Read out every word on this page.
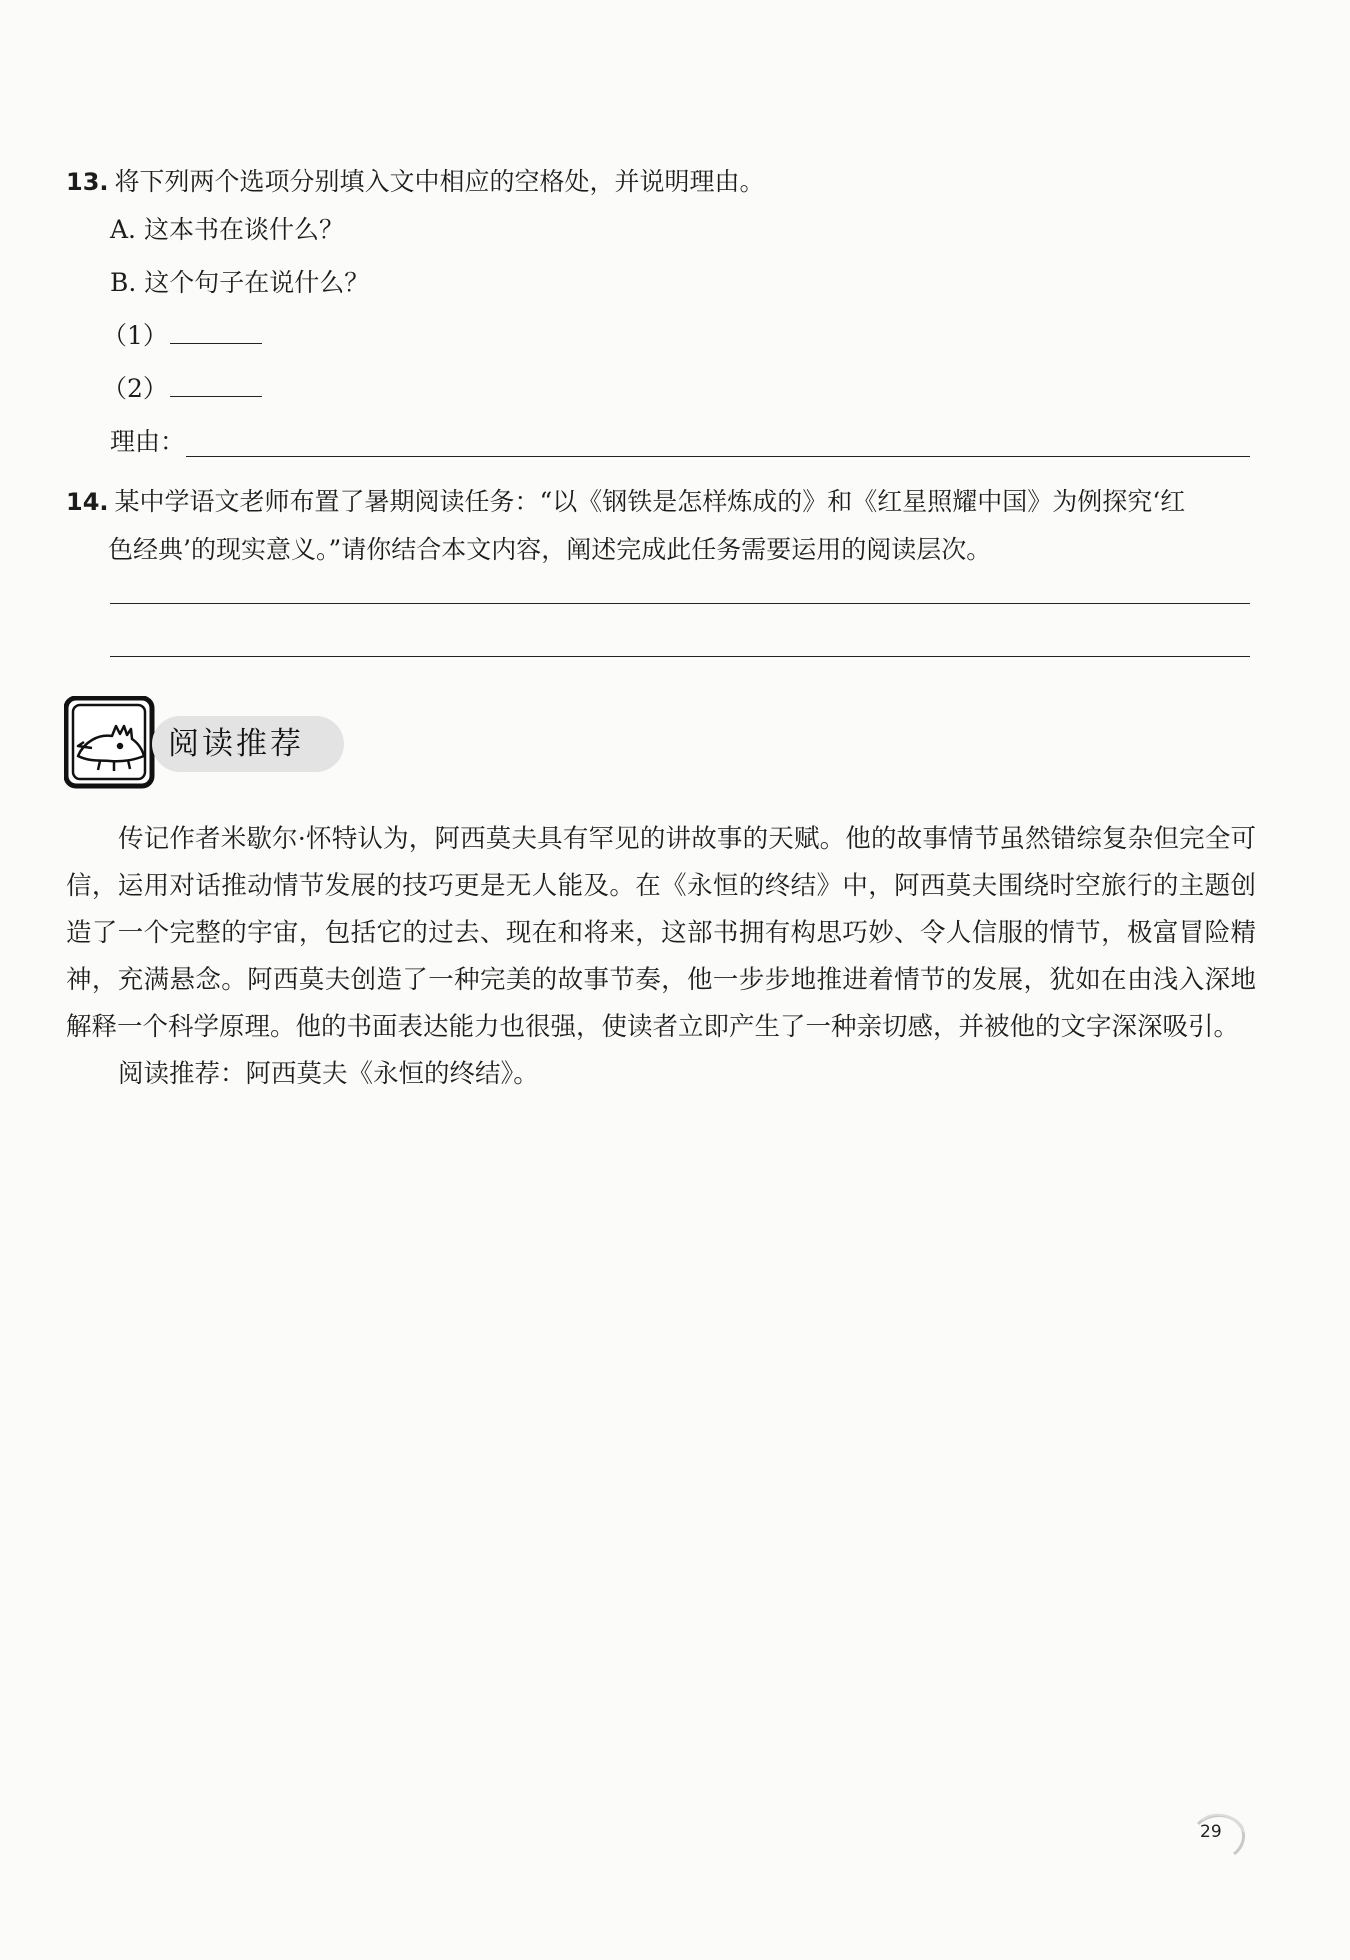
13. 将下列两个选项分别填入文中相应的空格处，并说明理由。
A. 这本书在谈什么？
B. 这个句子在说什么？
（1）
（2）
理由：
14. 某中学语文老师布置了暑期阅读任务：“以《钢铁是怎样炼成的》和《红星照耀中国》为例探究‘红
色经典’的现实意义。”请你结合本文内容，阐述完成此任务需要运用的阅读层次。
阅读推荐

传记作者米歇尔·怀特认为，阿西莫夫具有罕见的讲故事的天赋。他的故事情节虽然错综复杂但完全可信，运用对话推动情节发展的技巧更是无人能及。在《永恒的终结》中，阿西莫夫围绕时空旅行的主题创造了一个完整的宇宙，包括它的过去、现在和将来，这部书拥有构思巧妙、令人信服的情节，极富冒险精神，充满悬念。阿西莫夫创造了一种完美的故事节奏，他一步步地推进着情节的发展，犹如在由浅入深地解释一个科学原理。他的书面表达能力也很强，使读者立即产生了一种亲切感，并被他的文字深深吸引。

阅读推荐：阿西莫夫《永恒的终结》。

29
